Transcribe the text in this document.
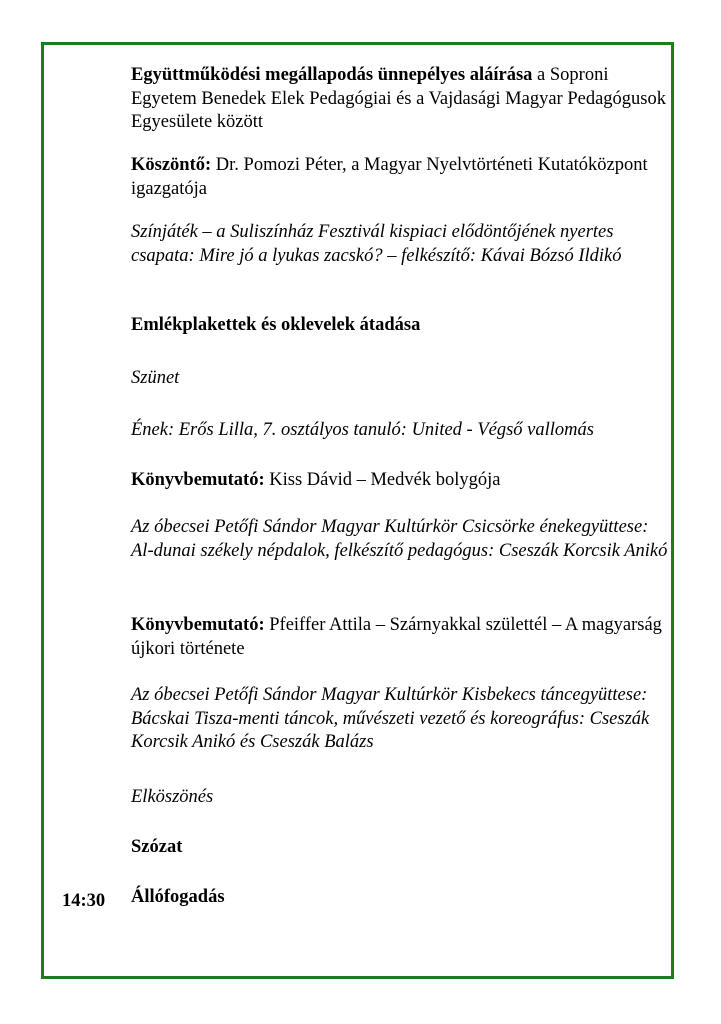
Együttműködési megállapodás ünnepélyes aláírása a Soproni Egyetem Benedek Elek Pedagógiai és a Vajdasági Magyar Pedagógusok Egyesülete között
Köszöntő: Dr. Pomozi Péter, a Magyar Nyelvtörténeti Kutatóközpont igazgatója
Színjáték – a Suliszínház Fesztivál kispiaci elődöntőjének nyertes csapata: Mire jó a lyukas zacskó? – felkészítő: Kávai Bózsó Ildikó
Emlékplakettek és oklevelek átadása
Szünet
Ének: Erős Lilla, 7. osztályos tanuló: United - Végső vallomás
Könyvbemutató: Kiss Dávid – Medvék bolygója
Az óbecsei Petőfi Sándor Magyar Kultúrkör Csicsörke énekegyüttese: Al-dunai székely népdalok, felkészítő pedagógus: Cseszák Korcsik Anikó
Könyvbemutató: Pfeiffer Attila – Szárnyakkal születtél – A magyarság újkori története
Az óbecsei Petőfi Sándor Magyar Kultúrkör Kisbekecs táncegyüttese: Bácskai Tisza-menti táncok, művészeti vezető és koreográfus: Cseszák Korcsik Anikó és Cseszák Balázs
Elköszönés
Szózat
14:30 Állófogadás
